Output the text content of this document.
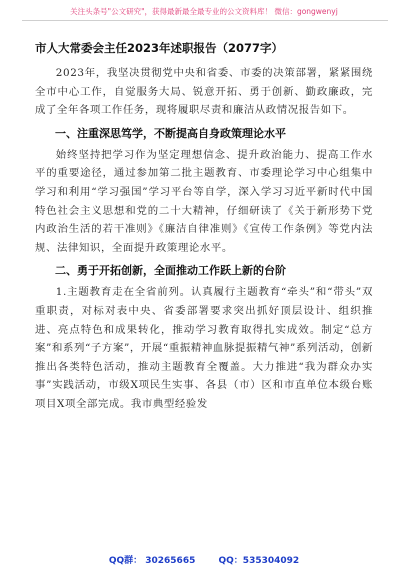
关注头条号"公文研究"，获得最新最全最专业的公文资料库！ 微信：gongwenyj
市人大常委会主任2023年述职报告（2077字）

2023年，我坚决贯彻党中央和省委、市委的决策部署，紧紧围绕全市中心工作，自觉服务大局、锐意开拓、勇于创新、勤政廉政，完成了全年各项工作任务，现将履职尽责和廉洁从政情况报告如下。

一、注重深思笃学，不断提高自身政策理论水平

始终坚持把学习作为坚定理想信念、提升政治能力、提高工作水平的重要途径，通过参加第二批主题教育、市委理论学习中心组集中学习和利用“学习强国”学习平台等自学，深入学习习近平新时代中国特色社会主义思想和党的二十大精神，仔细研读了《关于新形势下党内政治生活的若干准则》《廉洁自律准则》《宣传工作条例》等党内法规、法律知识，全面提升政策理论水平。

二、勇于开拓创新，全面推动工作跃上新的台阶

1.主题教育走在全省前列。认真履行主题教育“牵头”和“带头”双重职责，对标对表中央、省委部署要求突出抓好顶层设计、组织推进、亮点特色和成果转化，推动学习教育取得扎实成效。制定“总方案”和系列“子方案”，开展“重振精神血脉提振精气神”系列活动，创新推出各类特色活动，推动主题教育全覆盖。大力推进“我为群众办实事”实践活动，市级X项民生实事、各县（市）区和市直单位本级台账项目X项全部完成。我市典型经验发

QQ群： 30265665	QQ：535304092
